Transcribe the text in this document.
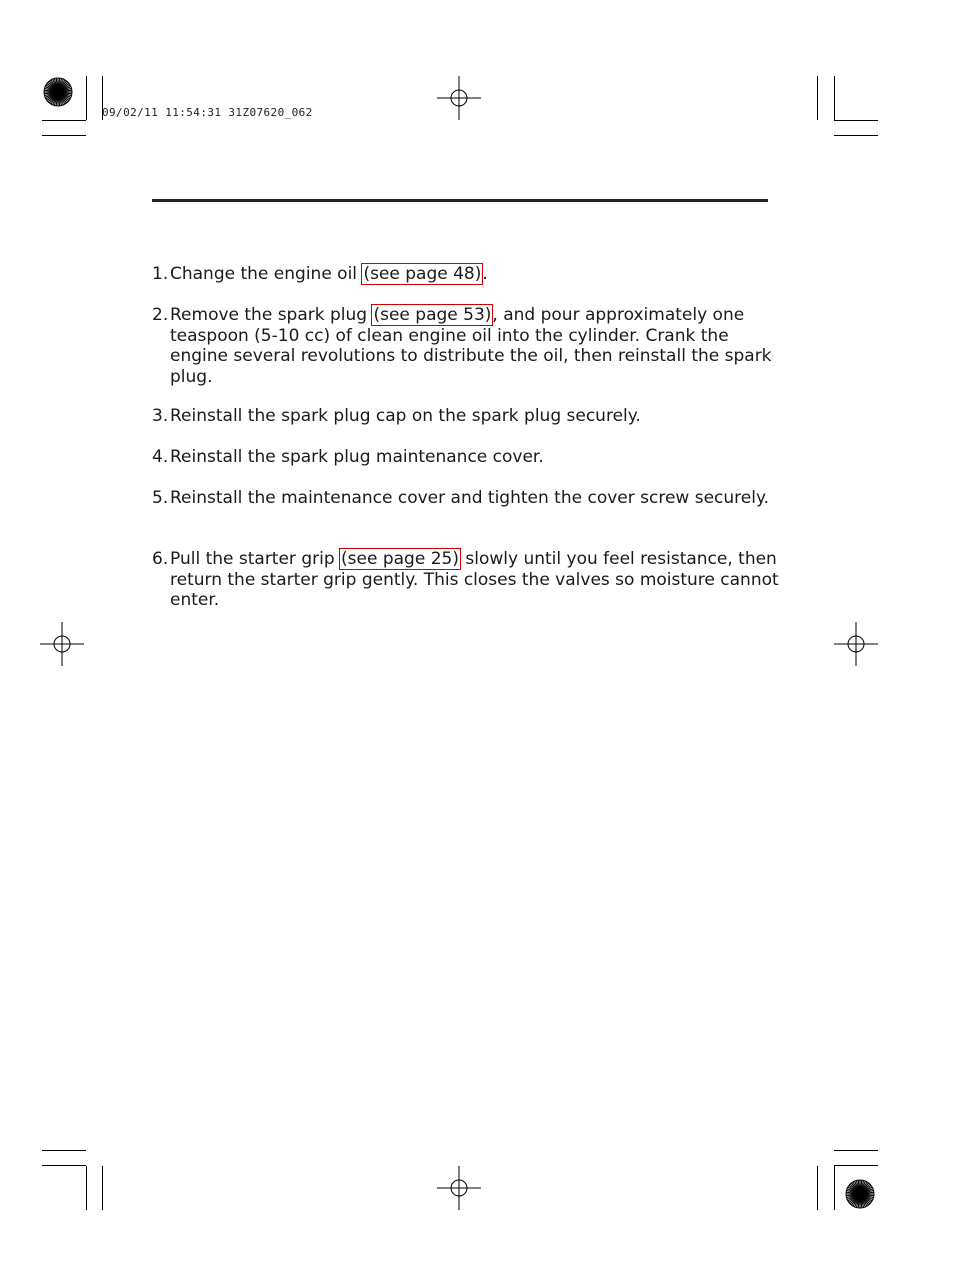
09/02/11 11:54:31 31Z07620_062
1. Change the engine oil (see page 48).
2. Remove the spark plug (see page 53), and pour approximately one teaspoon (5-10 cc) of clean engine oil into the cylinder. Crank the engine several revolutions to distribute the oil, then reinstall the spark plug.
3. Reinstall the spark plug cap on the spark plug securely.
4. Reinstall the spark plug maintenance cover.
5. Reinstall the maintenance cover and tighten the cover screw securely.
6. Pull the starter grip (see page 25) slowly until you feel resistance, then return the starter grip gently. This closes the valves so moisture cannot enter.
